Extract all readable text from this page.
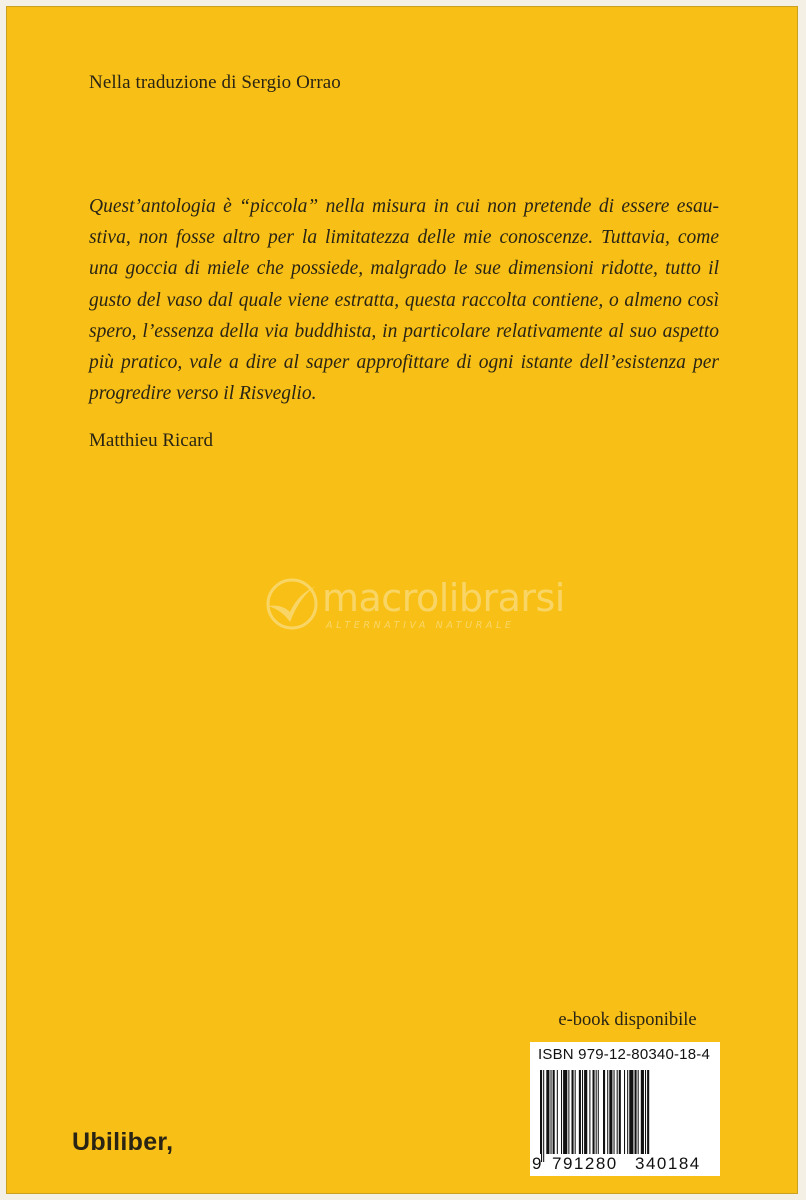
Nella traduzione di Sergio Orrao
Quest’antologia è “piccola” nella misura in cui non pretende di essere esau-
stiva, non fosse altro per la limitatezza delle mie conoscenze. Tuttavia, come
una goccia di miele che possiede, malgrado le sue dimensioni ridotte, tutto il
gusto del vaso dal quale viene estratta, questa raccolta contiene, o almeno così
spero, l’essenza della via buddhista, in particolare relativamente al suo aspetto
più pratico, vale a dire al saper approfittare di ogni istante dell’esistenza per
progredire verso il Risveglio.
Matthieu Ricard
macrolibrarsi
ALTERNATIVA NATURALE
e-book disponibile
ISBN 979-12-80340-18-4
9 791280 340184
Ubiliber,
